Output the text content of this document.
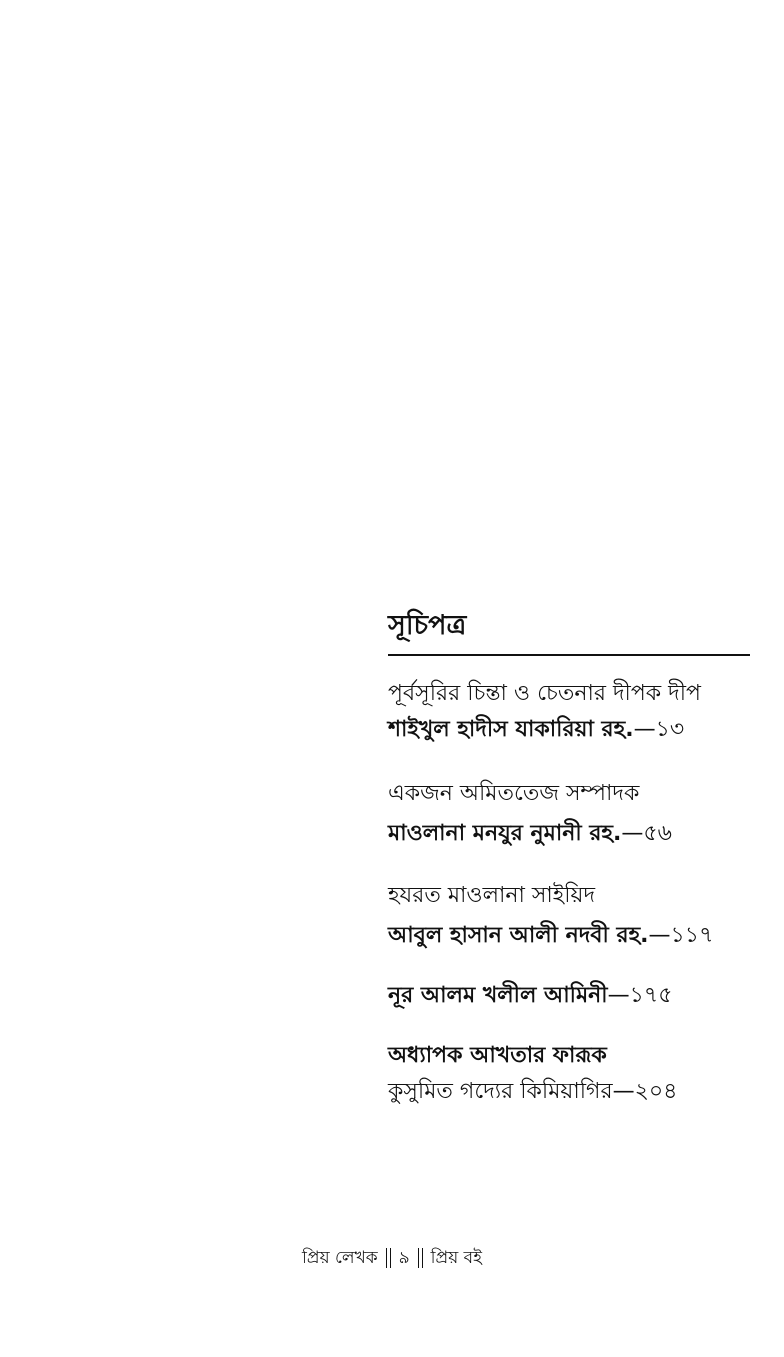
সূচিপত্র
পূর্বসূরির চিন্তা ও চেতনার দীপক দীপ
শাইখুল হাদীস যাকারিয়া রহ.—১৩
একজন অমিততেজ সম্পাদক
মাওলানা মনযুর নুমানী রহ.—৫৬
হযরত মাওলানা সাইয়িদ
আবুল হাসান আলী নদবী রহ.—১১৭
নূর আলম খলীল আমিনী—১৭৫
অধ্যাপক আখতার ফারূক
কুসুমিত গদ্যের কিমিয়াগির—২০৪
প্রিয় লেখক ৯ প্রিয় বই
